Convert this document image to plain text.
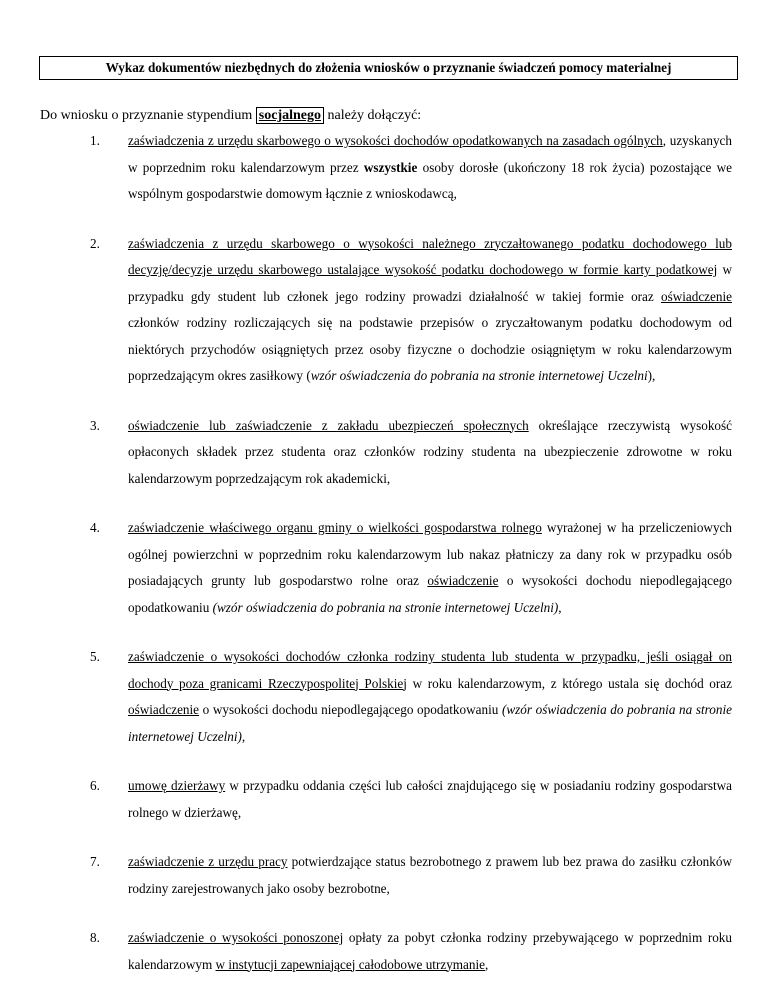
Wykaz dokumentów niezbędnych do złożenia wniosków o przyznanie świadczeń pomocy materialnej
Do wniosku o przyznanie stypendium socjalnego należy dołączyć:
1.	zaświadczenia z urzędu skarbowego o wysokości dochodów opodatkowanych na zasadach ogólnych, uzyskanych w poprzednim roku kalendarzowym przez wszystkie osoby dorosłe (ukończony 18 rok życia) pozostające we wspólnym gospodarstwie domowym łącznie z wnioskodawcą,
2.	zaświadczenia z urzędu skarbowego o wysokości należnego zryczałtowanego podatku dochodowego lub decyzję/decyzje urzędu skarbowego ustalające wysokość podatku dochodowego w formie karty podatkowej w przypadku gdy student lub członek jego rodziny prowadzi działalność w takiej formie oraz oświadczenie członków rodziny rozliczających się na podstawie przepisów o zryczałtowanym podatku dochodowym od niektórych przychodów osiągniętych przez osoby fizyczne o dochodzie osiągniętym w roku kalendarzowym poprzedzającym okres zasiłkowy (wzór oświadczenia do pobrania na stronie internetowej Uczelni),
3.	oświadczenie lub zaświadczenie z zakładu ubezpieczeń społecznych określające rzeczywistą wysokość opłaconych składek przez studenta oraz członków rodziny studenta na ubezpieczenie zdrowotne w roku kalendarzowym poprzedzającym rok akademicki,
4.	zaświadczenie właściwego organu gminy o wielkości gospodarstwa rolnego wyrażonej w ha przeliczeniowych ogólnej powierzchni w poprzednim roku kalendarzowym lub nakaz płatniczy za dany rok w przypadku osób posiadających grunty lub gospodarstwo rolne oraz oświadczenie o wysokości dochodu niepodlegającego opodatkowaniu (wzór oświadczenia do pobrania na stronie internetowej Uczelni),
5.	zaświadczenie o wysokości dochodów członka rodziny studenta lub studenta w przypadku, jeśli osiągał on dochody poza granicami Rzeczypospolitej Polskiej w roku kalendarzowym, z którego ustala się dochód oraz oświadczenie o wysokości dochodu niepodlegającego opodatkowaniu (wzór oświadczenia do pobrania na stronie internetowej Uczelni),
6.	umowę dzierżawy w przypadku oddania części lub całości znajdującego się w posiadaniu rodziny gospodarstwa rolnego w dzierżawę,
7.	zaświadczenie z urzędu pracy potwierdzające status bezrobotnego z prawem lub bez prawa do zasiłku członków rodziny zarejestrowanych jako osoby bezrobotne,
8.	zaświadczenie o wysokości ponoszonej opłaty za pobyt członka rodziny przebywającego w poprzednim roku kalendarzowym w instytucji zapewniającej całodobowe utrzymanie,
